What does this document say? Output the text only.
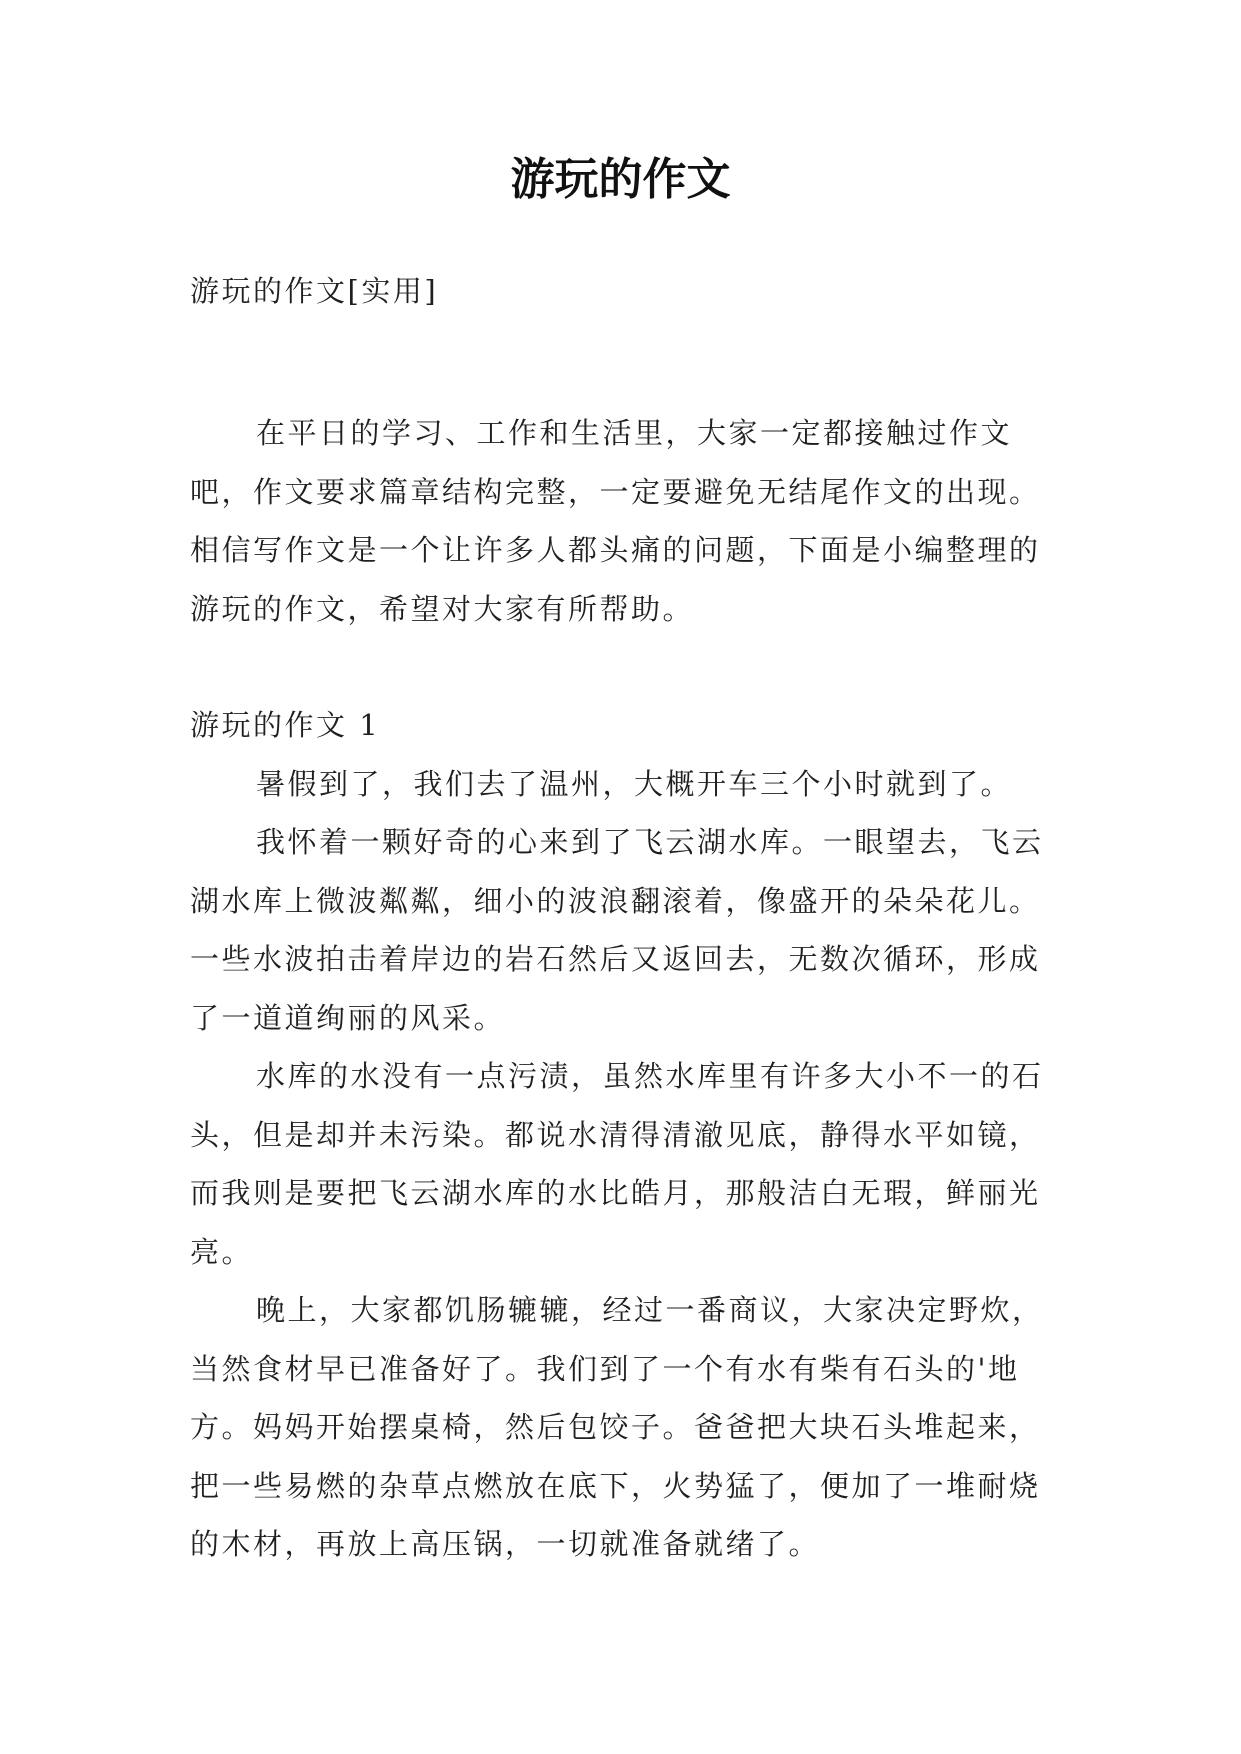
游玩的作文
游玩的作文[实用]

在平日的学习、工作和生活里，大家一定都接触过作文吧，作文要求篇章结构完整，一定要避免无结尾作文的出现。相信写作文是一个让许多人都头痛的问题，下面是小编整理的游玩的作文，希望对大家有所帮助。

游玩的作文 1

暑假到了，我们去了温州，大概开车三个小时就到了。

我怀着一颗好奇的心来到了飞云湖水库。一眼望去，飞云湖水库上微波粼粼，细小的波浪翻滚着，像盛开的朵朵花儿。一些水波拍击着岸边的岩石然后又返回去，无数次循环，形成了一道道绚丽的风采。

水库的水没有一点污渍，虽然水库里有许多大小不一的石头，但是却并未污染。都说水清得清澈见底，静得水平如镜，而我则是要把飞云湖水库的水比皓月，那般洁白无瑕，鲜丽光亮。

晚上，大家都饥肠辘辘，经过一番商议，大家决定野炊，当然食材早已准备好了。我们到了一个有水有柴有石头的'地方。妈妈开始摆桌椅，然后包饺子。爸爸把大块石头堆起来，把一些易燃的杂草点燃放在底下，火势猛了，便加了一堆耐烧的木材，再放上高压锅，一切就准备就绪了。
